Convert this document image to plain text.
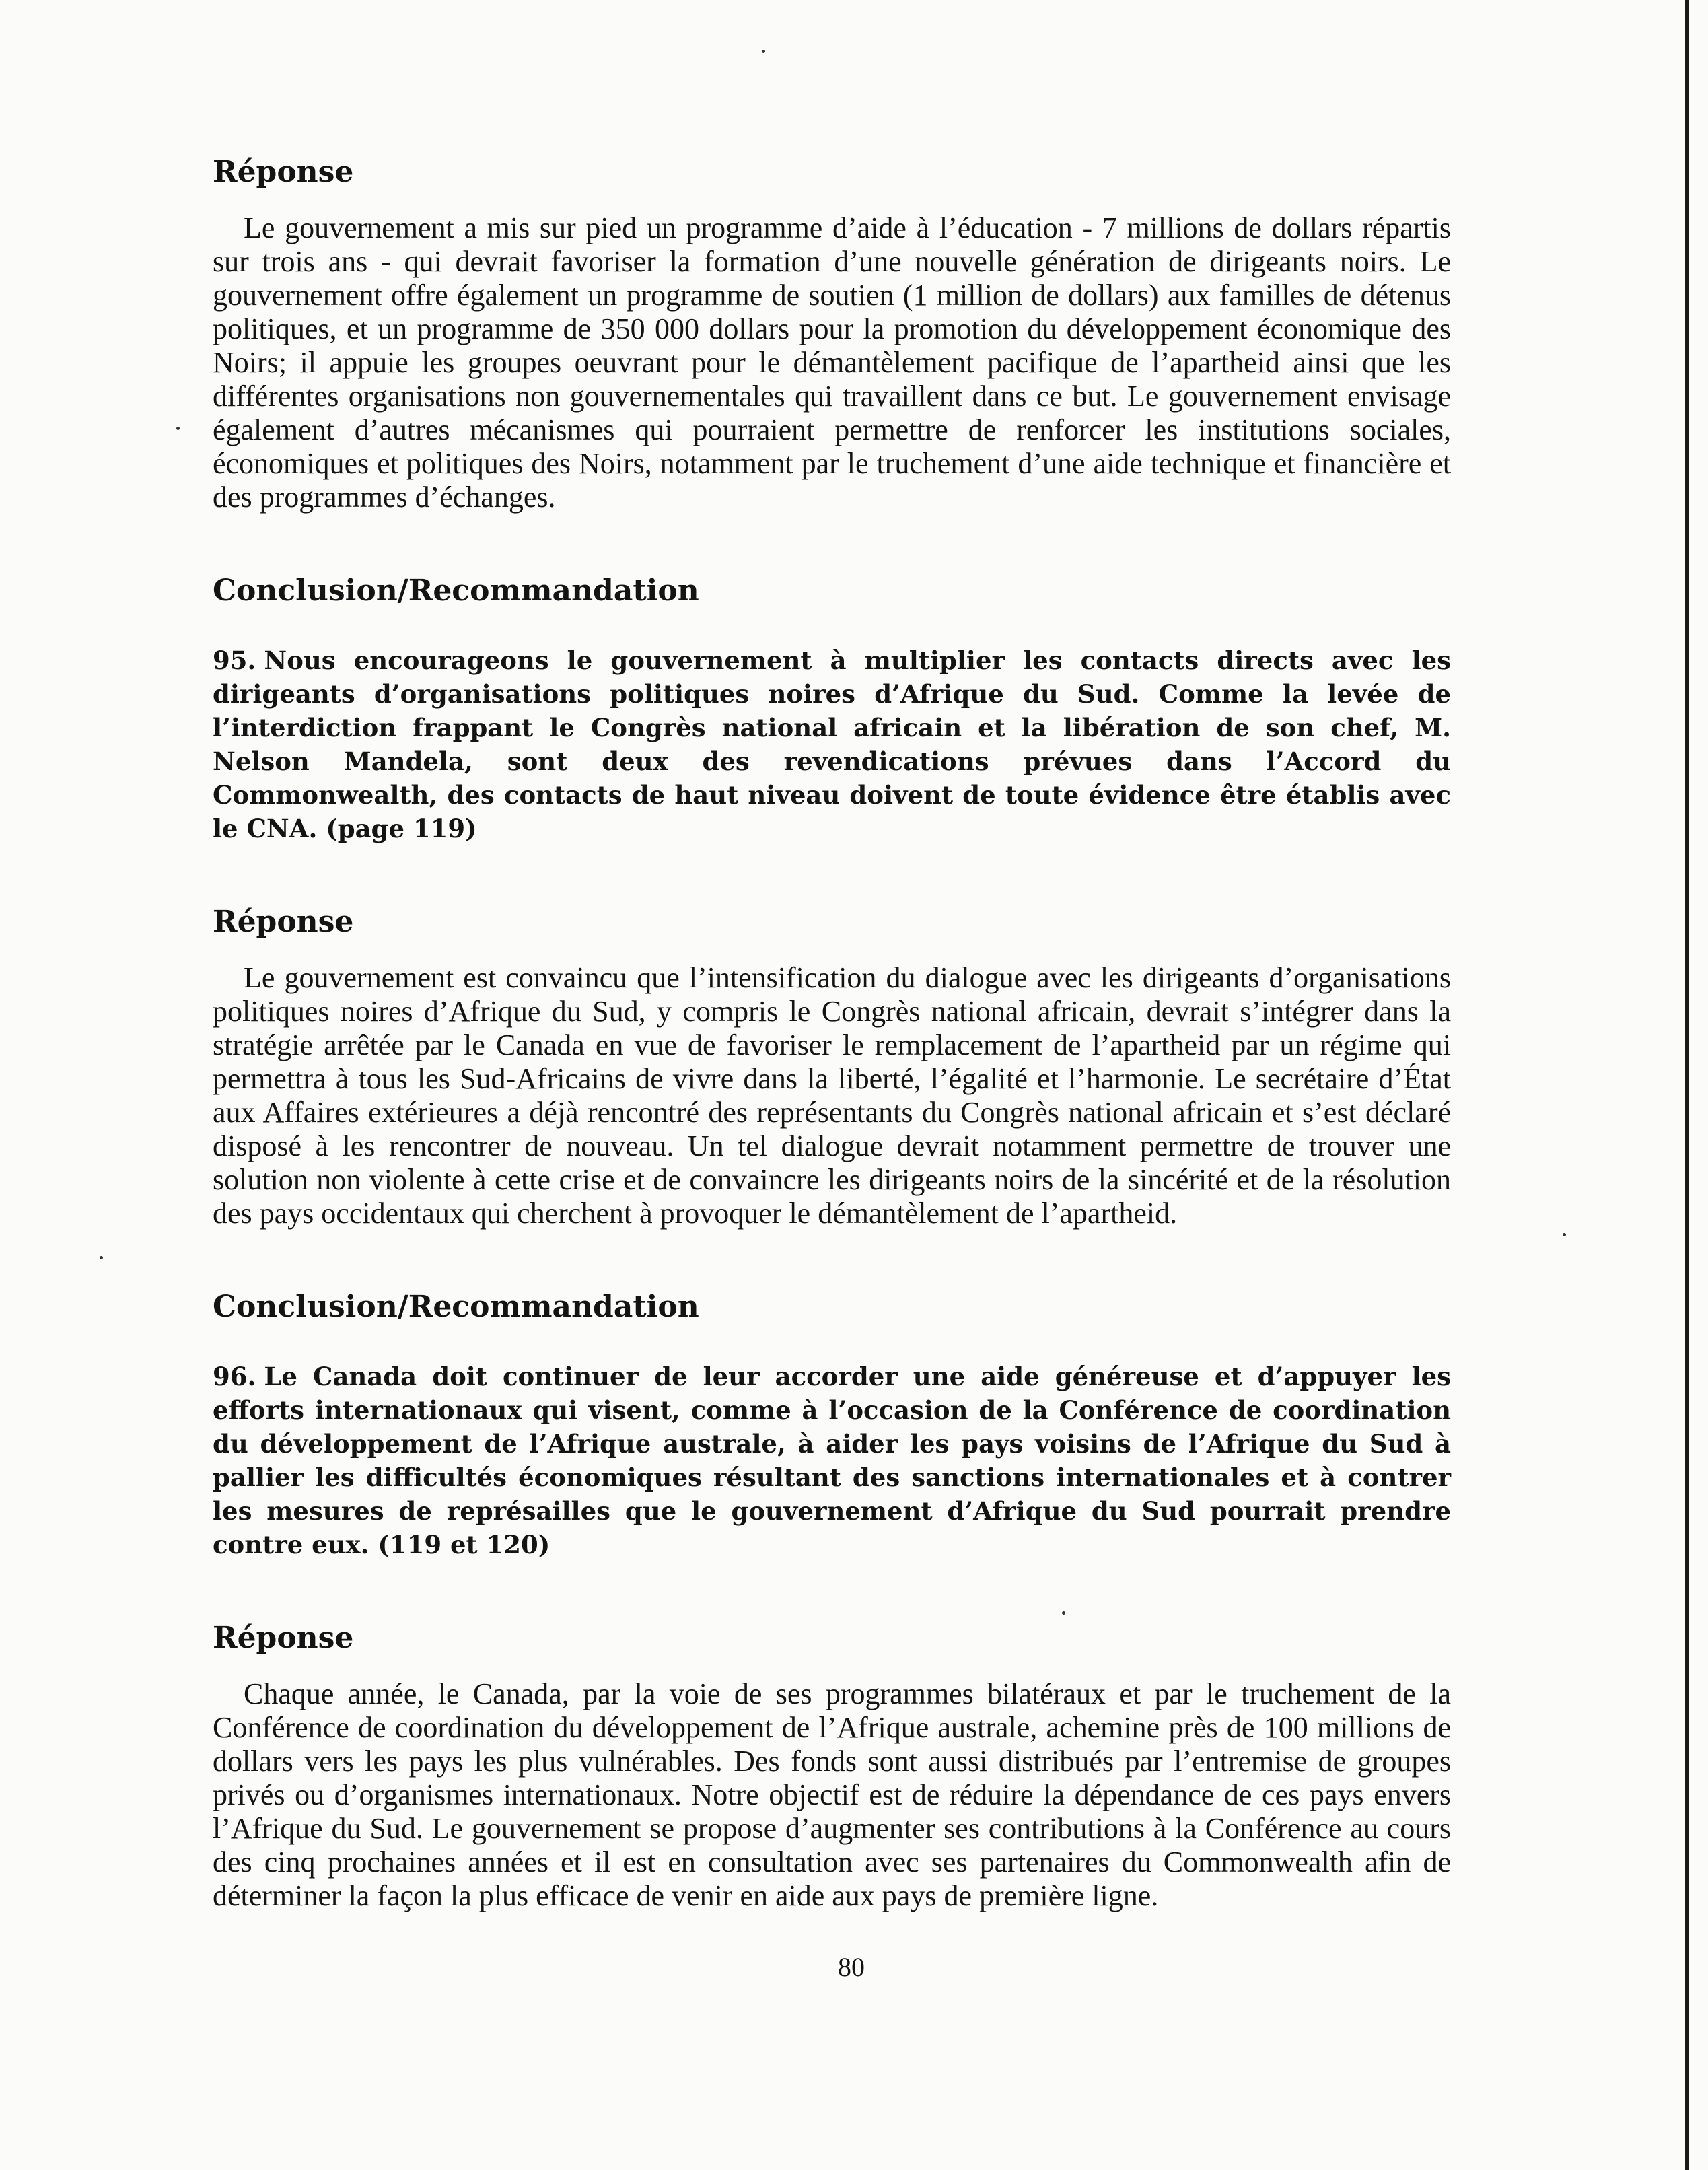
Réponse

Le gouvernement a mis sur pied un programme d’aide à l’éducation - 7 millions de dollars répartis sur trois ans - qui devrait favoriser la formation d’une nouvelle génération de dirigeants noirs. Le gouvernement offre également un programme de soutien (1 million de dollars) aux familles de détenus politiques, et un programme de 350 000 dollars pour la promotion du développement économique des Noirs; il appuie les groupes oeuvrant pour le démantèlement pacifique de l’apartheid ainsi que les différentes organisations non gouvernementales qui travaillent dans ce but. Le gouvernement envisage également d’autres mécanismes qui pourraient permettre de renforcer les institutions sociales, économiques et politiques des Noirs, notamment par le truchement d’une aide technique et financière et des programmes d’échanges.

Conclusion/Recommandation

95. Nous encourageons le gouvernement à multiplier les contacts directs avec les dirigeants d’organisations politiques noires d’Afrique du Sud. Comme la levée de l’interdiction frappant le Congrès national africain et la libération de son chef, M. Nelson Mandela, sont deux des revendications prévues dans l’Accord du Commonwealth, des contacts de haut niveau doivent de toute évidence être établis avec le CNA. (page 119)

Réponse

Le gouvernement est convaincu que l’intensification du dialogue avec les dirigeants d’organisations politiques noires d’Afrique du Sud, y compris le Congrès national africain, devrait s’intégrer dans la stratégie arrêtée par le Canada en vue de favoriser le remplacement de l’apartheid par un régime qui permettra à tous les Sud-Africains de vivre dans la liberté, l’égalité et l’harmonie. Le secrétaire d’État aux Affaires extérieures a déjà rencontré des représentants du Congrès national africain et s’est déclaré disposé à les rencontrer de nouveau. Un tel dialogue devrait notamment permettre de trouver une solution non violente à cette crise et de convaincre les dirigeants noirs de la sincérité et de la résolution des pays occidentaux qui cherchent à provoquer le démantèlement de l’apartheid.

Conclusion/Recommandation

96. Le Canada doit continuer de leur accorder une aide généreuse et d’appuyer les efforts internationaux qui visent, comme à l’occasion de la Conférence de coordination du développement de l’Afrique australe, à aider les pays voisins de l’Afrique du Sud à pallier les difficultés économiques résultant des sanctions internationales et à contrer les mesures de représailles que le gouvernement d’Afrique du Sud pourrait prendre contre eux. (119 et 120)

Réponse

Chaque année, le Canada, par la voie de ses programmes bilatéraux et par le truchement de la Conférence de coordination du développement de l’Afrique australe, achemine près de 100 millions de dollars vers les pays les plus vulnérables. Des fonds sont aussi distribués par l’entremise de groupes privés ou d’organismes internationaux. Notre objectif est de réduire la dépendance de ces pays envers l’Afrique du Sud. Le gouvernement se propose d’augmenter ses contributions à la Conférence au cours des cinq prochaines années et il est en consultation avec ses partenaires du Commonwealth afin de déterminer la façon la plus efficace de venir en aide aux pays de première ligne.

80
